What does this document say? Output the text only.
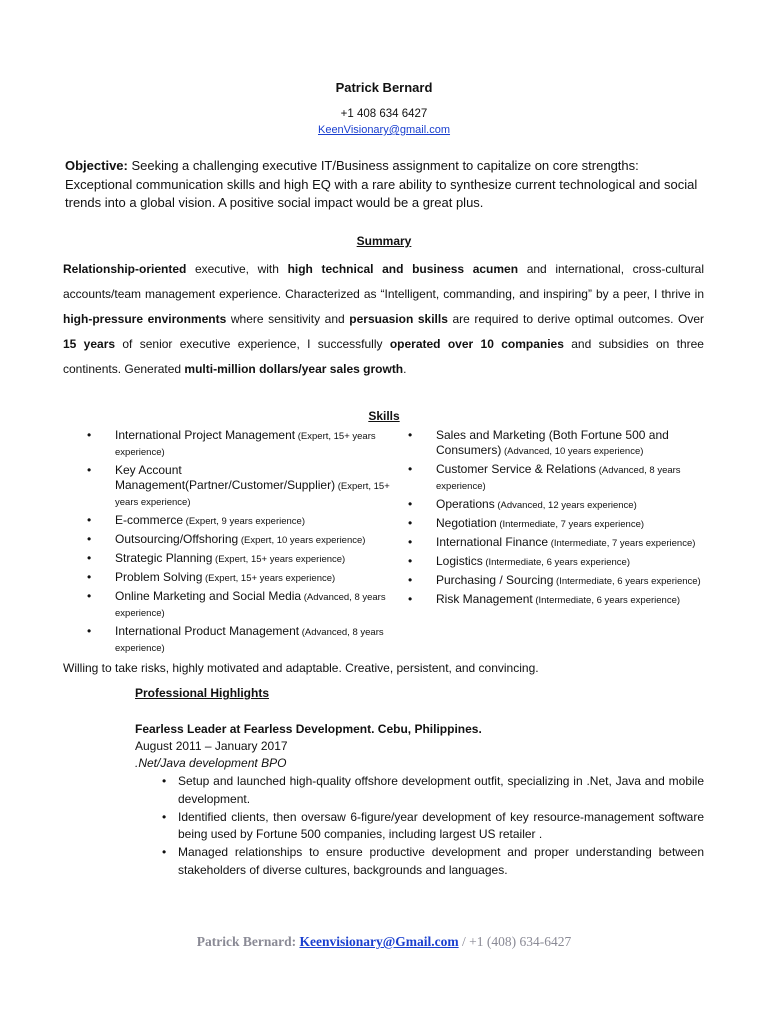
Patrick Bernard
+1 408 634 6427
KeenVisionary@gmail.com
Objective: Seeking a challenging executive IT/Business assignment to capitalize on core strengths: Exceptional communication skills and high EQ with a rare ability to synthesize current technological and social trends into a global vision. A positive social impact would be a great plus.
Summary
Relationship-oriented executive, with high technical and business acumen and international, cross-cultural accounts/team management experience. Characterized as “Intelligent, commanding, and inspiring” by a peer, I thrive in high-pressure environments where sensitivity and persuasion skills are required to derive optimal outcomes. Over 15 years of senior executive experience, I successfully operated over 10 companies and subsidies on three continents. Generated multi-million dollars/year sales growth.
Skills
• International Project Management (Expert, 15+ years experience)
• Key Account Management(Partner/Customer/Supplier) (Expert, 15+ years experience)
• E-commerce (Expert, 9 years experience)
• Outsourcing/Offshoring (Expert, 10 years experience)
• Strategic Planning (Expert, 15+ years experience)
• Problem Solving (Expert, 15+ years experience)
• Online Marketing and Social Media (Advanced, 8 years experience)
• International Product Management (Advanced, 8 years experience)
• Sales and Marketing (Both Fortune 500 and Consumers) (Advanced, 10 years experience)
• Customer Service & Relations (Advanced, 8 years experience)
• Operations (Advanced, 12 years experience)
• Negotiation (Intermediate, 7 years experience)
• International Finance (Intermediate, 7 years experience)
• Logistics (Intermediate, 6 years experience)
• Purchasing / Sourcing (Intermediate, 6 years experience)
• Risk Management (Intermediate, 6 years experience)
Willing to take risks, highly motivated and adaptable. Creative, persistent, and convincing.
Professional Highlights
Fearless Leader at Fearless Development. Cebu, Philippines.
August 2011 – January 2017
.Net/Java development BPO
• Setup and launched high-quality offshore development outfit, specializing in .Net, Java and mobile development.
• Identified clients, then oversaw 6-figure/year development of key resource-management software being used by Fortune 500 companies, including largest US retailer .
• Managed relationships to ensure productive development and proper understanding between stakeholders of diverse cultures, backgrounds and languages.
Patrick Bernard: Keenvisionary@Gmail.com / +1 (408) 634-6427
